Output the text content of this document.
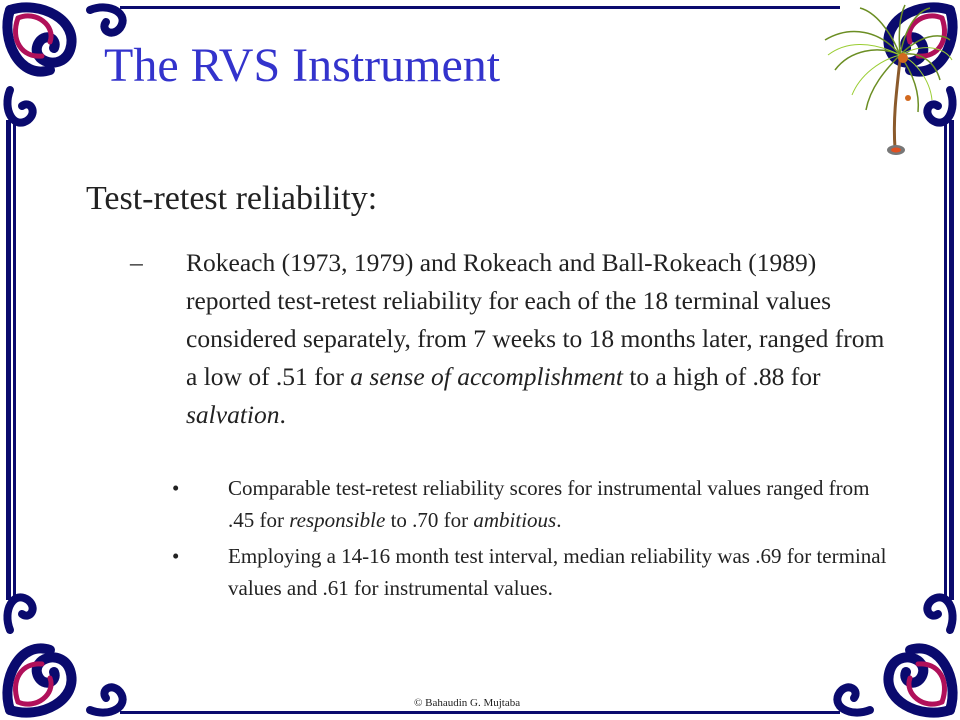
The RVS Instrument
Test-retest reliability:
– Rokeach (1973, 1979) and Rokeach and Ball-Rokeach (1989) reported test-retest reliability for each of the 18 terminal values considered separately, from 7 weeks to 18 months later, ranged from a low of .51 for a sense of accomplishment to a high of .88 for salvation.
• Comparable test-retest reliability scores for instrumental values ranged from .45 for responsible to .70 for ambitious.
• Employing a 14-16 month test interval, median reliability was .69 for terminal values and .61 for instrumental values.
© Bahaudin G. Mujtaba
